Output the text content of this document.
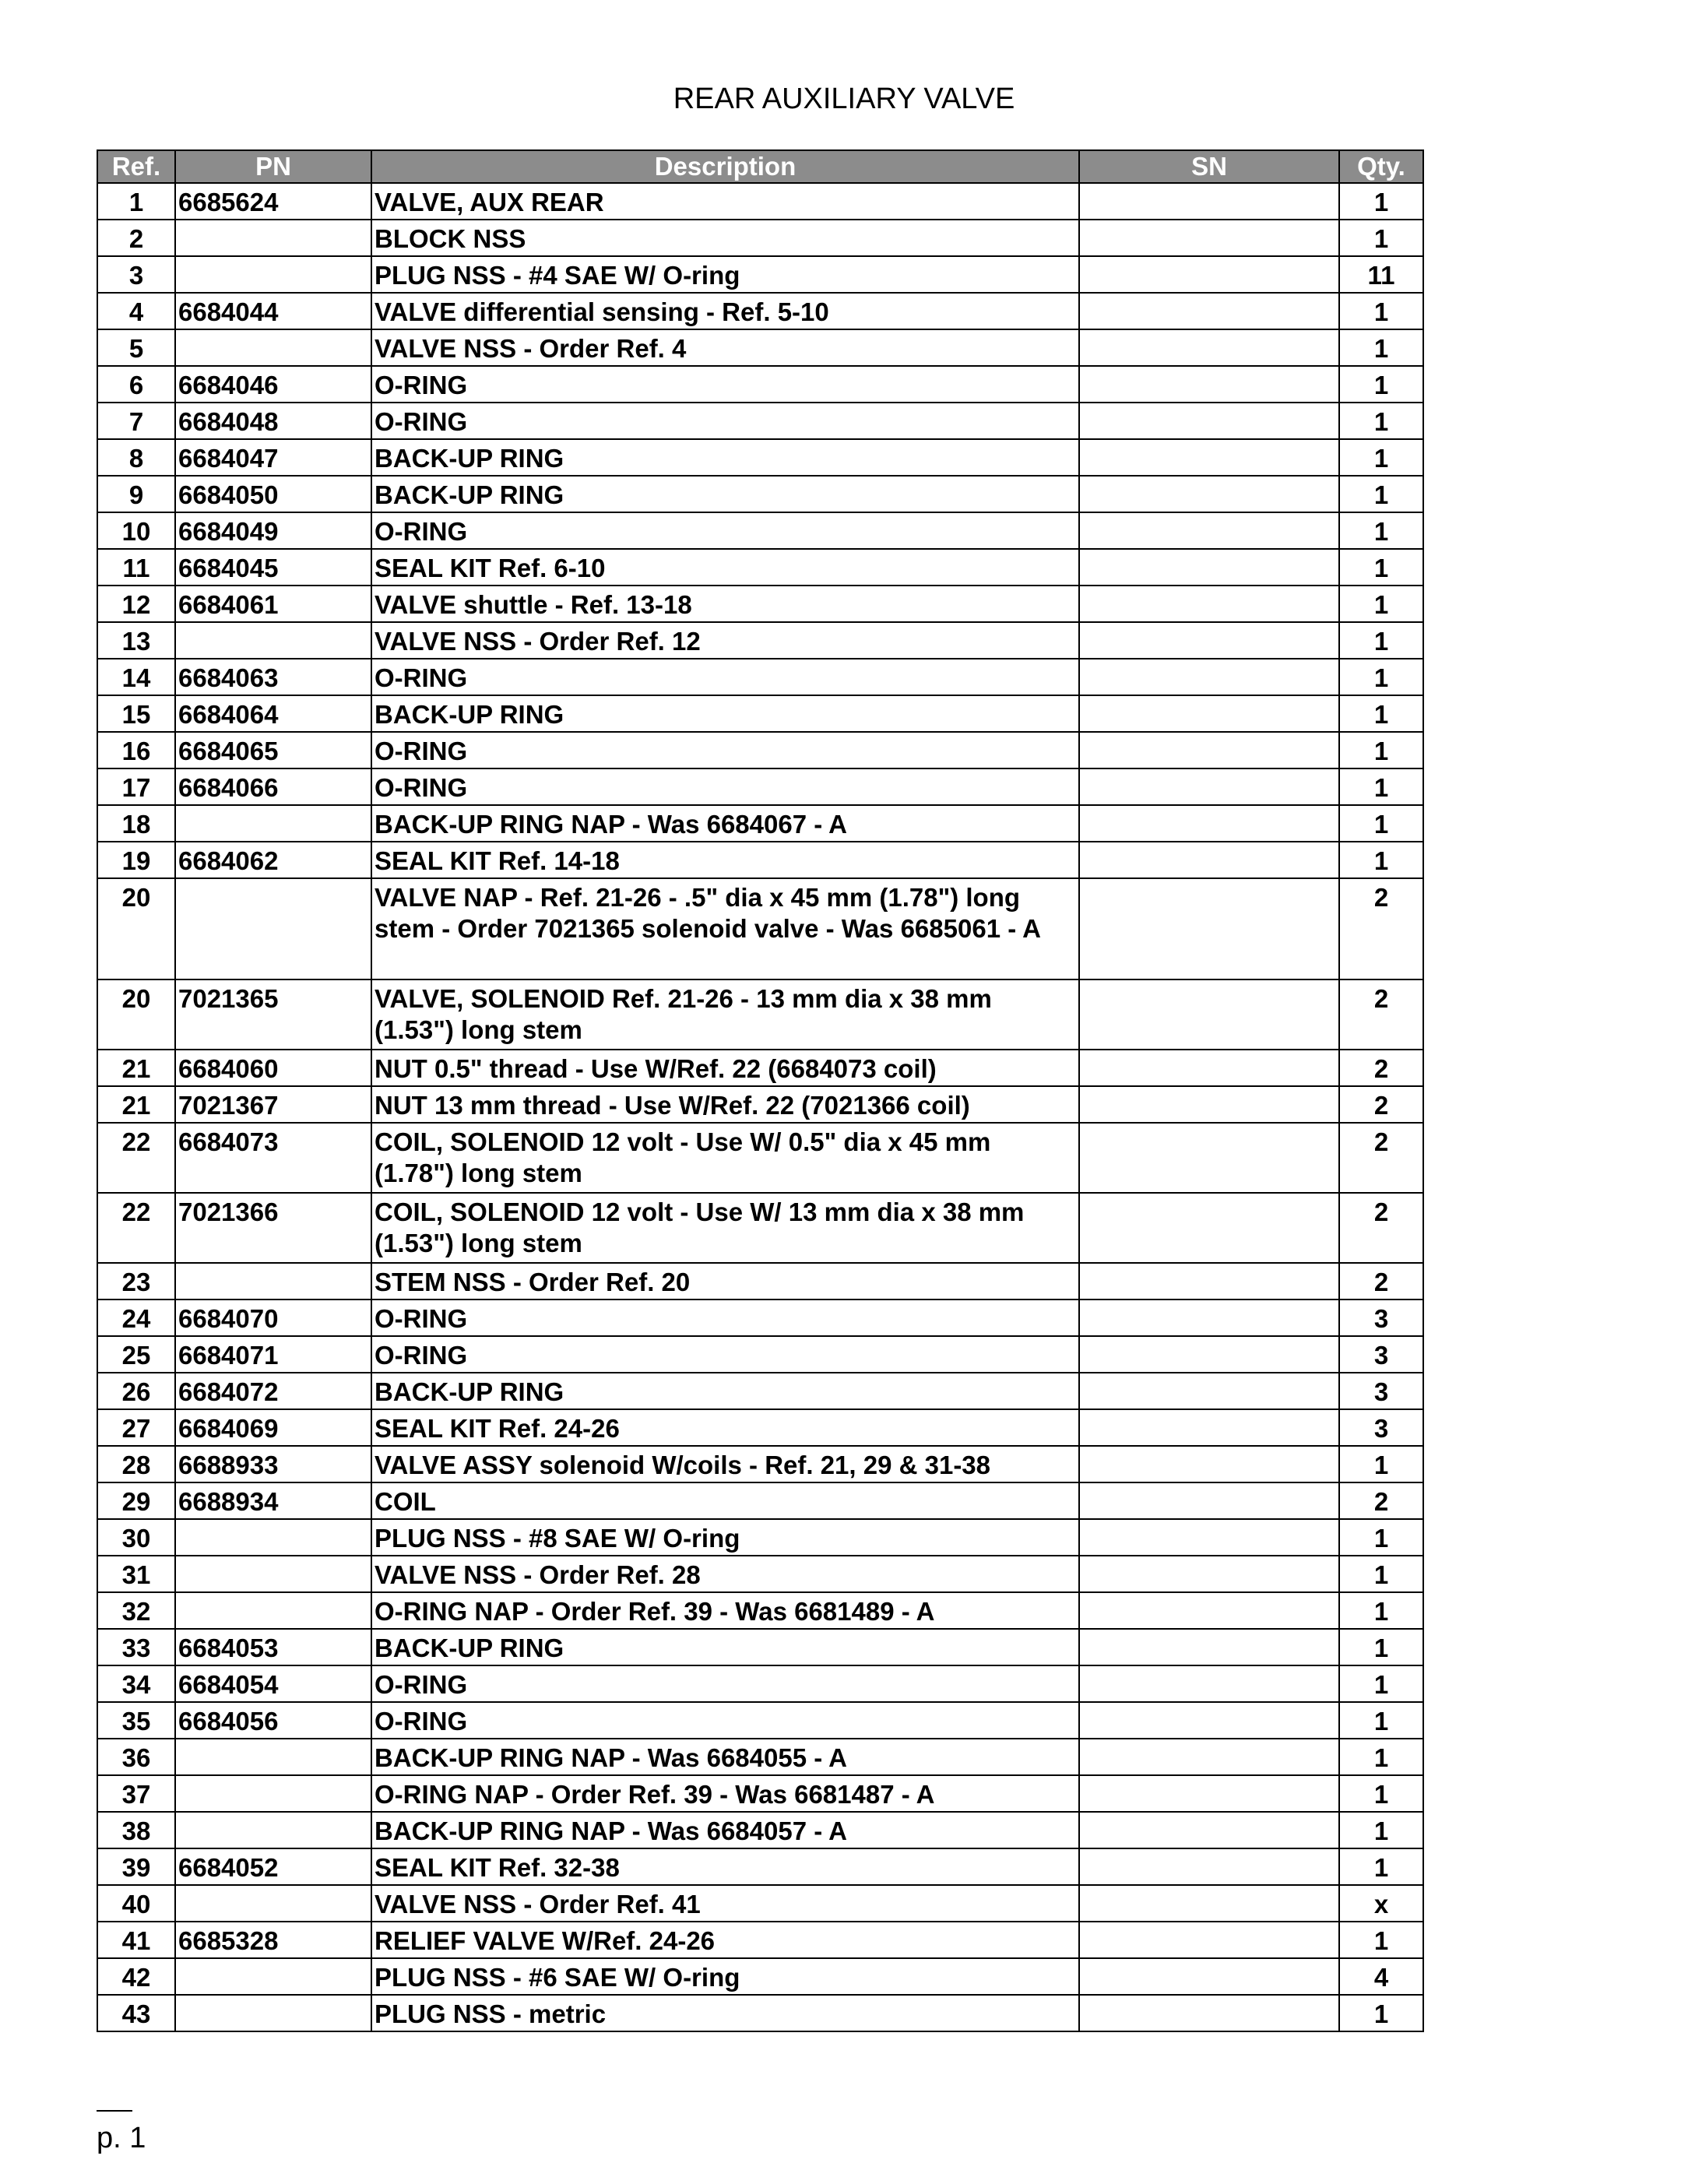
REAR AUXILIARY VALVE
Ref.	PN	Description	SN	Qty.
1	6685624	VALVE, AUX REAR		1
2		BLOCK NSS		1
3		PLUG NSS - #4 SAE W/ O-ring		11
4	6684044	VALVE differential sensing - Ref. 5-10		1
5		VALVE NSS - Order Ref. 4		1
6	6684046	O-RING		1
7	6684048	O-RING		1
8	6684047	BACK-UP RING		1
9	6684050	BACK-UP RING		1
10	6684049	O-RING		1
11	6684045	SEAL KIT Ref. 6-10		1
12	6684061	VALVE shuttle - Ref. 13-18		1
13		VALVE NSS - Order Ref. 12		1
14	6684063	O-RING		1
15	6684064	BACK-UP RING		1
16	6684065	O-RING		1
17	6684066	O-RING		1
18		BACK-UP RING NAP - Was 6684067 - A		1
19	6684062	SEAL KIT Ref. 14-18		1
20		VALVE NAP - Ref. 21-26 - .5" dia x 45 mm (1.78") long stem - Order 7021365 solenoid valve - Was 6685061 - A		2
20	7021365	VALVE, SOLENOID Ref. 21-26 - 13 mm dia x 38 mm (1.53") long stem		2
21	6684060	NUT 0.5" thread - Use W/Ref. 22 (6684073 coil)		2
21	7021367	NUT 13 mm thread - Use W/Ref. 22 (7021366 coil)		2
22	6684073	COIL, SOLENOID 12 volt - Use W/ 0.5" dia x 45 mm (1.78") long stem		2
22	7021366	COIL, SOLENOID 12 volt - Use W/ 13 mm dia x 38 mm (1.53") long stem		2
23		STEM NSS - Order Ref. 20		2
24	6684070	O-RING		3
25	6684071	O-RING		3
26	6684072	BACK-UP RING		3
27	6684069	SEAL KIT Ref. 24-26		3
28	6688933	VALVE ASSY solenoid W/coils - Ref. 21, 29 & 31-38		1
29	6688934	COIL		2
30		PLUG NSS - #8 SAE W/ O-ring		1
31		VALVE NSS - Order Ref. 28		1
32		O-RING NAP - Order Ref. 39 - Was 6681489 - A		1
33	6684053	BACK-UP RING		1
34	6684054	O-RING		1
35	6684056	O-RING		1
36		BACK-UP RING NAP - Was 6684055 - A		1
37		O-RING NAP - Order Ref. 39 - Was 6681487 - A		1
38		BACK-UP RING NAP - Was 6684057 - A		1
39	6684052	SEAL KIT Ref. 32-38		1
40		VALVE NSS - Order Ref. 41		x
41	6685328	RELIEF VALVE W/Ref. 24-26		1
42		PLUG NSS - #6 SAE W/ O-ring		4
43		PLUG NSS - metric		1
p. 1
